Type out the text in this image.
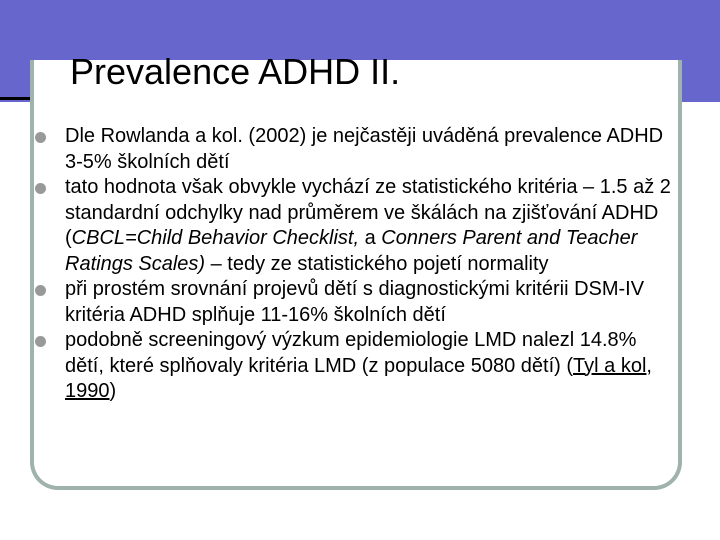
Prevalence ADHD II.
Dle Rowlanda a kol. (2002) je nejčastěji uváděná prevalence ADHD 3-5% školních dětí
tato hodnota však obvykle vychází ze statistického kritéria – 1.5 až 2 standardní odchylky nad průměrem ve škálách na zjišťování ADHD (CBCL=Child Behavior Checklist, a Conners Parent and Teacher Ratings Scales) – tedy ze statistického pojetí normality
při prostém srovnání projevů dětí s diagnostickými kritérii DSM-IV kritéria ADHD splňuje 11-16% školních dětí
podobně screeningový výzkum epidemiologie LMD nalezl 14.8% dětí, které splňovaly kritéria LMD (z populace 5080 dětí) (Tyl a kol, 1990)
